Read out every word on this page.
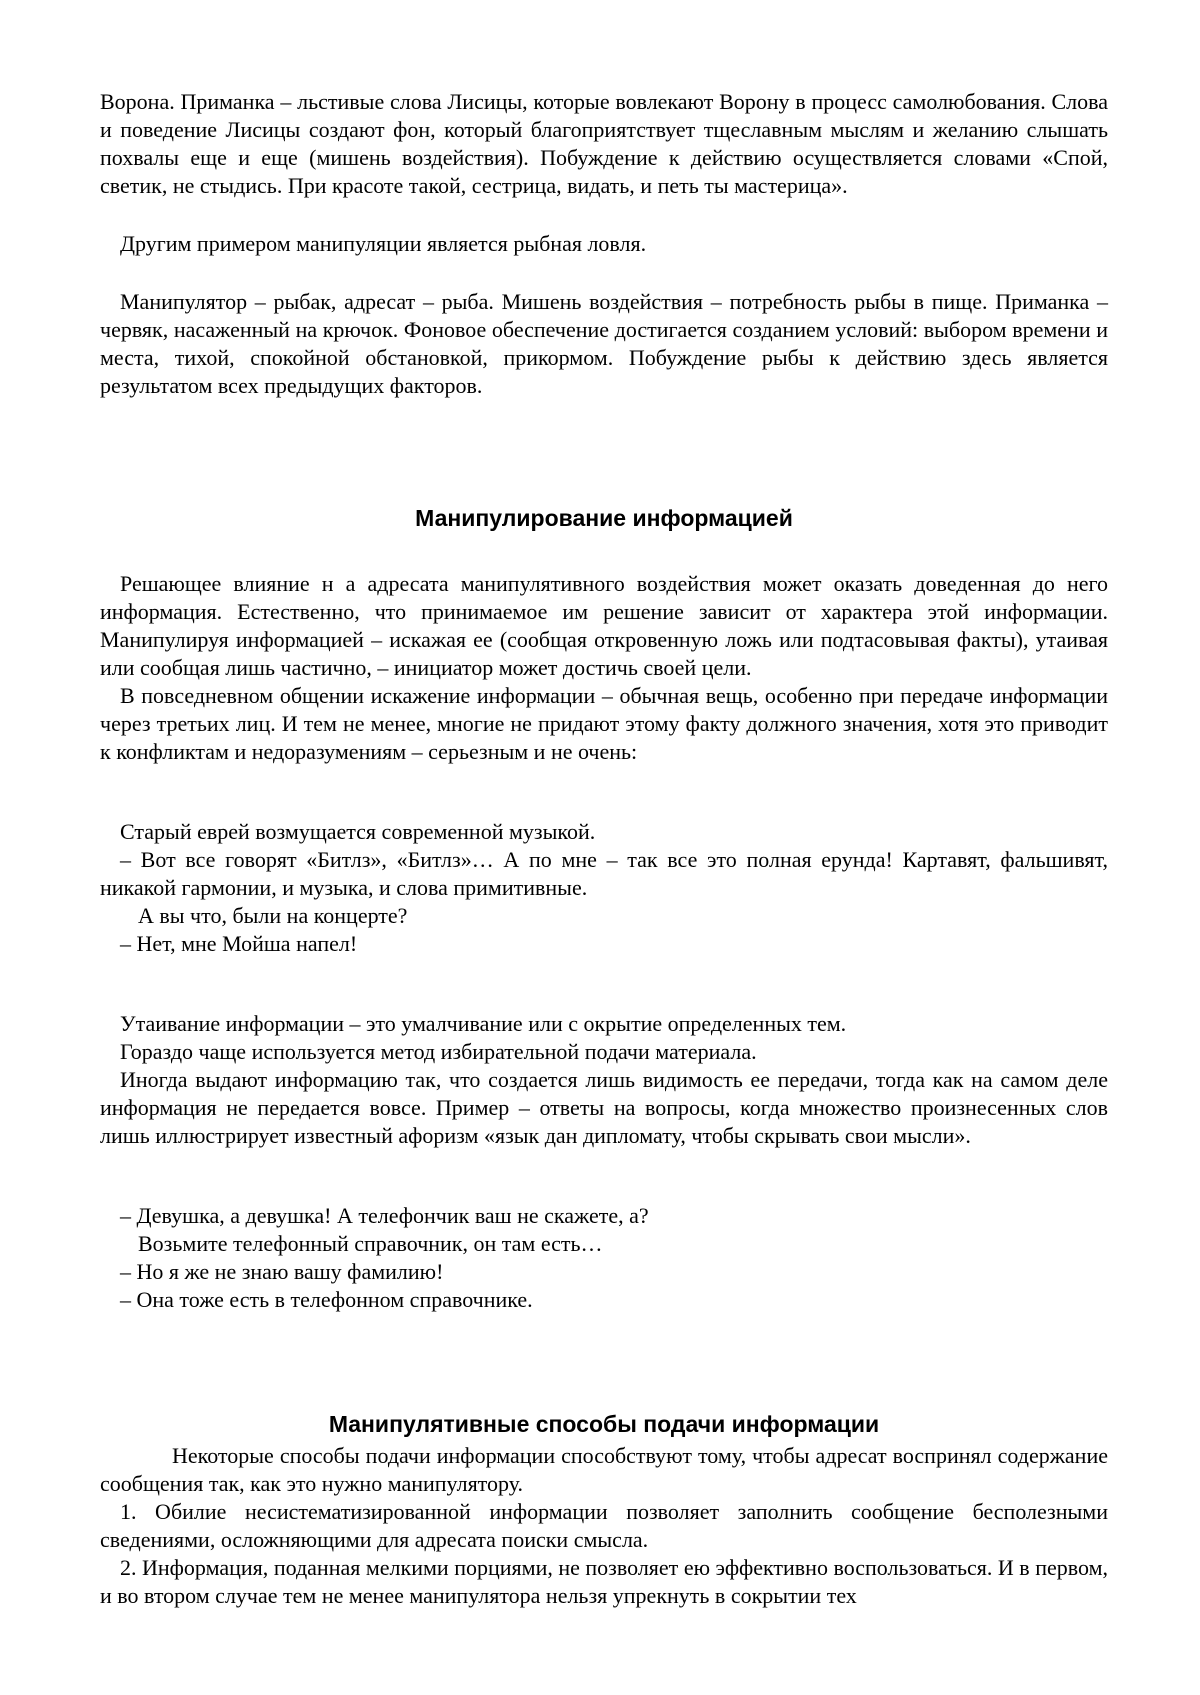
Ворона. Приманка – льстивые слова Лисицы, которые вовлекают Ворону в процесс самолюбования. Слова и поведение Лисицы создают фон, который благоприятствует тщеславным мыслям и желанию слышать похвалы еще и еще (мишень воздействия). Побуждение к действию осуществляется словами «Спой, светик, не стыдись. При красоте такой, сестрица, видать, и петь ты мастерица».

Другим примером манипуляции является рыбная ловля.

Манипулятор – рыбак, адресат – рыба. Мишень воздействия – потребность рыбы в пище. Приманка – червяк, насаженный на крючок. Фоновое обеспечение достигается созданием условий: выбором времени и места, тихой, спокойной обстановкой, прикормом. Побуждение рыбы к действию здесь является результатом всех предыдущих факторов.

Манипулирование информацией

Решающее влияние н а адресата манипулятивного воздействия может оказать доведенная до него информация. Естественно, что принимаемое им решение зависит от характера этой информации. Манипулируя информацией – искажая ее (сообщая откровенную ложь или подтасовывая факты), утаивая или сообщая лишь частично, – инициатор может достичь своей цели.

В повседневном общении искажение информации – обычная вещь, особенно при передаче информации через третьих лиц. И тем не менее, многие не придают этому факту должного значения, хотя это приводит к конфликтам и недоразумениям – серьезным и не очень:

Старый еврей возмущается современной музыкой.

– Вот все говорят «Битлз», «Битлз»… А по мне – так все это полная ерунда! Картавят, фальшивят, никакой гармонии, и музыка, и слова примитивные.

А вы что, были на концерте?

– Нет, мне Мойша напел!

Утаивание информации – это умалчивание или с окрытие определенных тем.

Гораздо чаще используется метод избирательной подачи материала.

Иногда выдают информацию так, что создается лишь видимость ее передачи, тогда как на самом деле информация не передается вовсе. Пример – ответы на вопросы, когда множество произнесенных слов лишь иллюстрирует известный афоризм «язык дан дипломату, чтобы скрывать свои мысли».

– Девушка, а девушка! А телефончик ваш не скажете, а?

Возьмите телефонный справочник, он там есть…

– Но я же не знаю вашу фамилию!

– Она тоже есть в телефонном справочнике.

Манипулятивные способы подачи информации

Некоторые способы подачи информации способствуют тому, чтобы адресат воспринял содержание сообщения так, как это нужно манипулятору.

1. Обилие несистематизированной информации позволяет заполнить сообщение бесполезными сведениями, осложняющими для адресата поиски смысла.

2. Информация, поданная мелкими порциями, не позволяет ею эффективно воспользоваться. И в первом, и во втором случае тем не менее манипулятора нельзя упрекнуть в сокрытии тех
